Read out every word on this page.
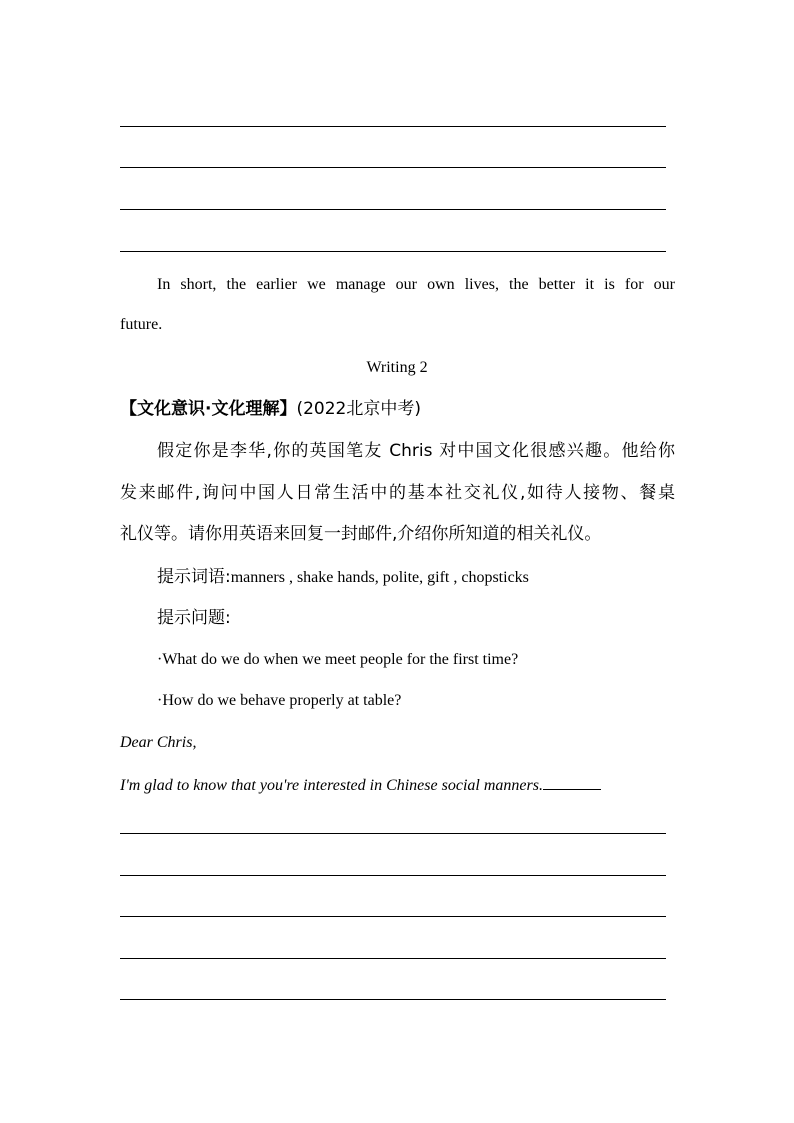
In short, the earlier we manage our own lives, the better it is for our
future.
Writing 2
【文化意识·文化理解】(2022北京中考)
假定你是李华,你的英国笔友 Chris 对中国文化很感兴趣。他给你
发来邮件,询问中国人日常生活中的基本社交礼仪,如待人接物、餐桌
礼仪等。请你用英语来回复一封邮件,介绍你所知道的相关礼仪。
提示词语:manners , shake hands, polite, gift , chopsticks
提示问题:
·What do we do when we meet people for the first time?
·How do we behave properly at table?
Dear Chris,
I'm glad to know that you're interested in Chinese social manners.
